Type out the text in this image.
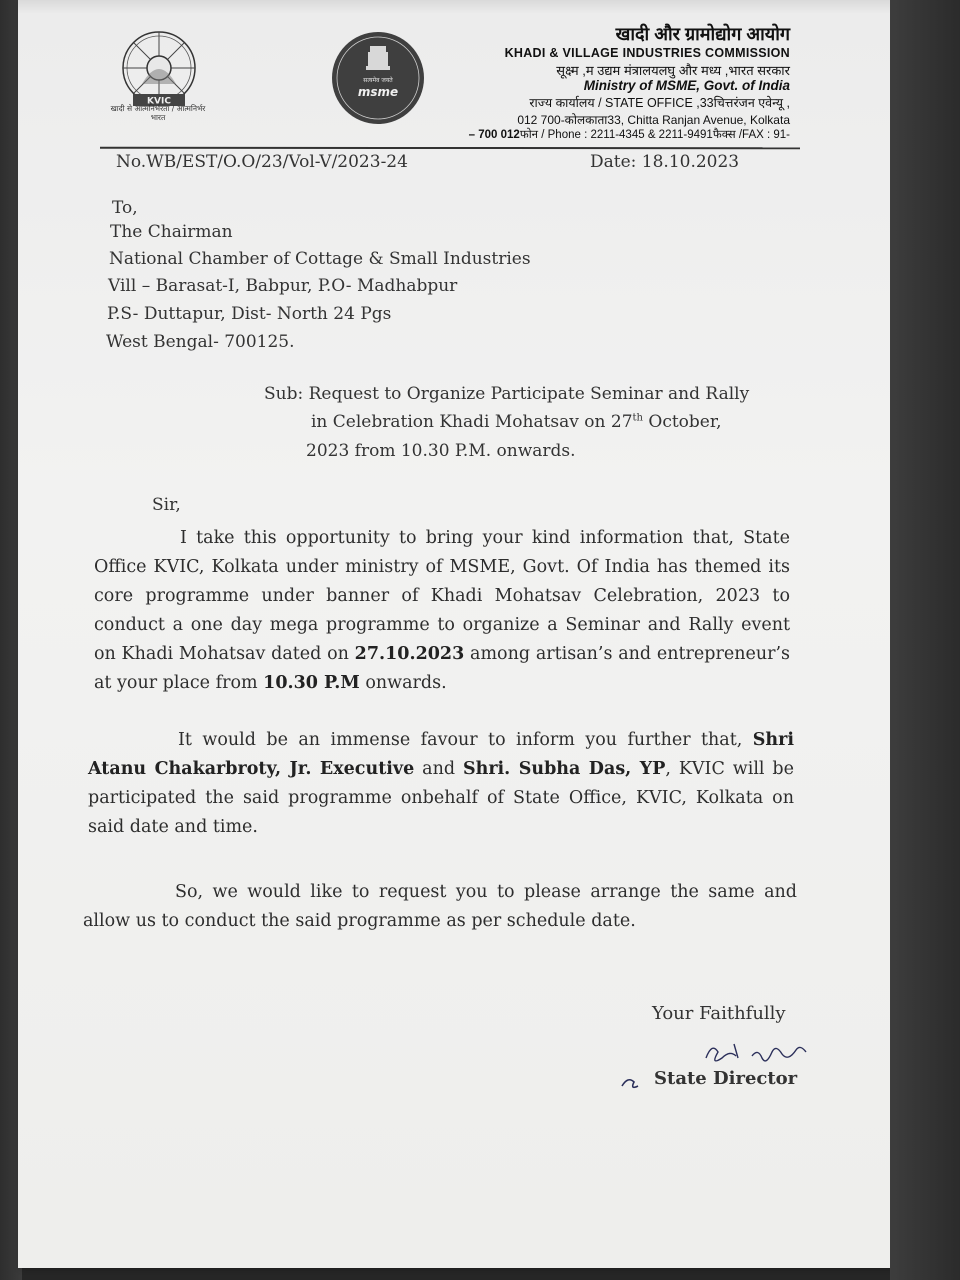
KVIC
खादी से आत्मनिर्भरता / आत्मनिर्भर भारत
सत्यमेव जयते
msme
खादी और ग्रामोद्योग आयोग
KHADI & VILLAGE INDUSTRIES COMMISSION
सूक्ष्म ,म उद्यम मंत्रालयलघु और मध्य ,भारत सरकार
Ministry of MSME, Govt. of India
राज्य कार्यालय / STATE OFFICE ,33चित्तरंजन एवेन्यू ,
012 700-कोलकाता33, Chitta Ranjan Avenue, Kolkata
– 700 012फोन / Phone : 2211-4345 & 2211-9491फैक्स /FAX : 91-
No.WB/EST/O.O/23/Vol-V/2023-24	Date: 18.10.2023
To,
The Chairman
National Chamber of Cottage & Small Industries
Vill – Barasat-I, Babpur, P.O- Madhabpur
P.S- Duttapur, Dist- North 24 Pgs
West Bengal- 700125.
Sub: Request to Organize Participate Seminar and Rally
in Celebration Khadi Mohatsav on 27th October,
2023 from 10.30 P.M. onwards.
Sir,
I take this opportunity to bring your kind information that, State Office KVIC, Kolkata under ministry of MSME, Govt. Of India has themed its core programme under banner of Khadi Mohatsav Celebration, 2023 to conduct a one day mega programme to organize a Seminar and Rally event on Khadi Mohatsav dated on 27.10.2023 among artisan’s and entrepreneur’s at your place from 10.30 P.M onwards.
It would be an immense favour to inform you further that, Shri Atanu Chakarbroty, Jr. Executive and Shri. Subha Das, YP, KVIC will be participated the said programme onbehalf of State Office, KVIC, Kolkata on said date and time.
So, we would like to request you to please arrange the same and allow us to conduct the said programme as per schedule date.
Your Faithfully
State Director
